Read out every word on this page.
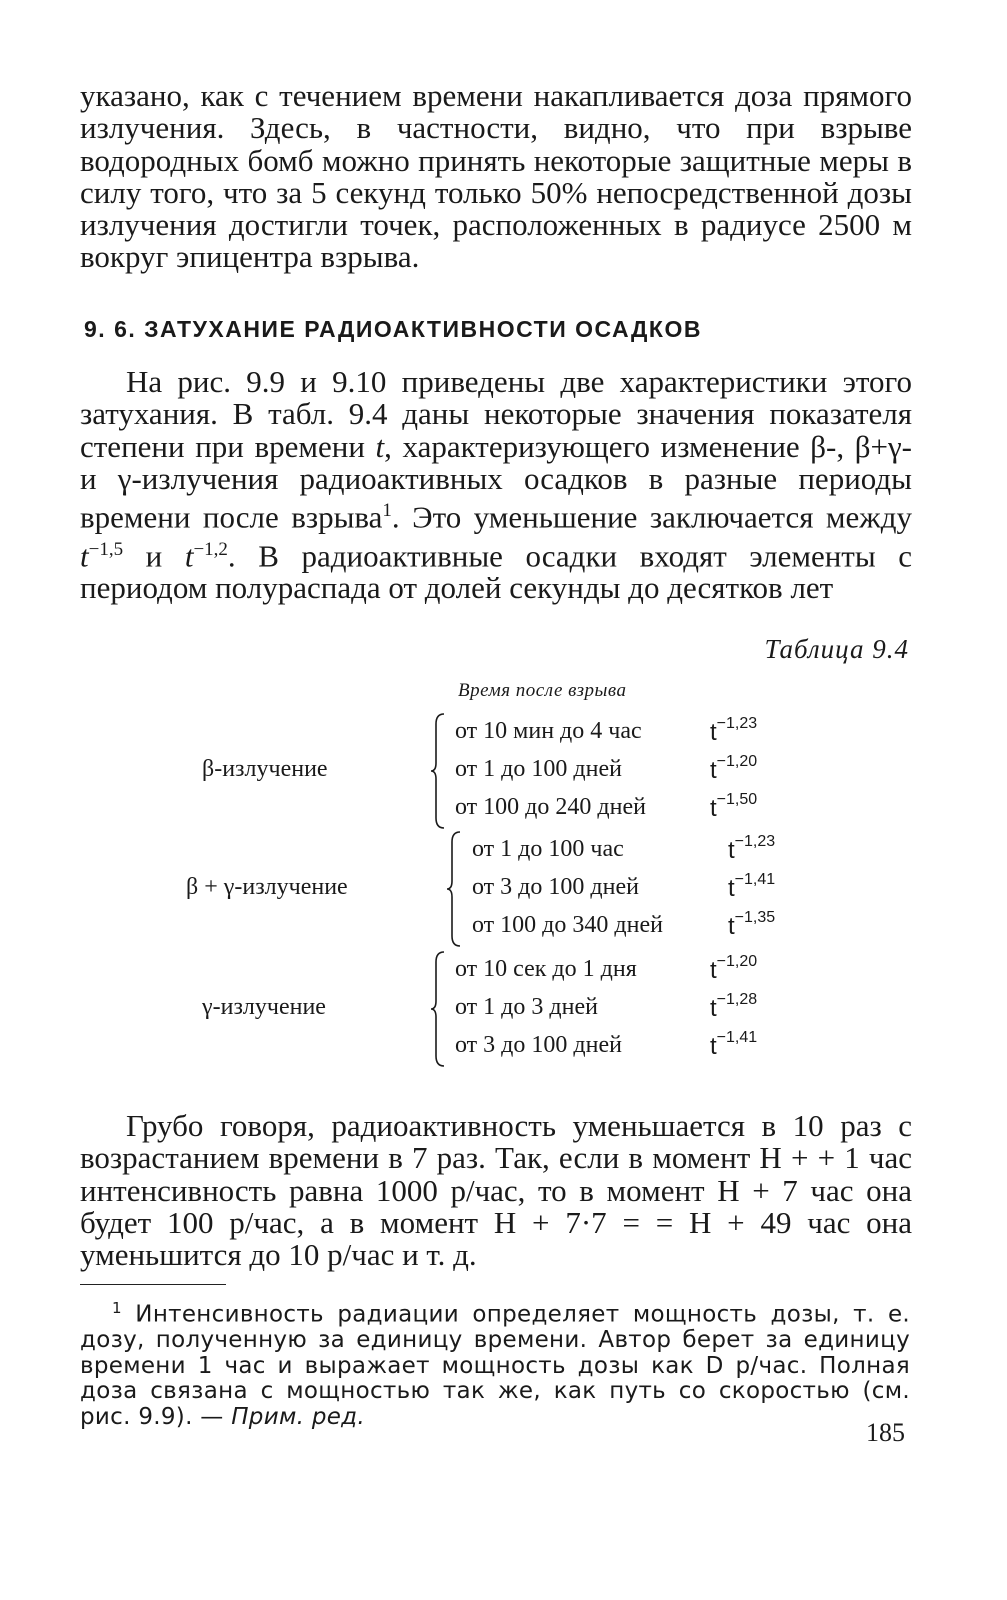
указано, как с течением времени накапливается доза прямого излучения. Здесь, в частности, видно, что при взрыве водородных бомб можно принять некоторые защитные меры в силу того, что за 5 секунд только 50% непосредственной дозы излучения достигли точек, расположенных в радиусе 2500 м вокруг эпицентра взрыва.

9. 6. ЗАТУХАНИЕ РАДИОАКТИВНОСТИ ОСАДКОВ
На рис. 9.9 и 9.10 приведены две характеристики этого затухания. В табл. 9.4 даны некоторые значения показателя степени при времени t, характеризующего изменение β-, β+γ- и γ-излучения радиоактивных осадков в разные периоды времени после взрыва$^1$. Это уменьшение заключается между $t^{-1,5}$ и $t^{-1,2}$. В радиоактивные осадки входят элементы с периодом полураспада от долей секунды до десятков лет
Таблица 9.4
Время после взрыва
β-излучение
от 10 мин до 4 час	$t^{-1,23}$
от 1 до 100 дней	$t^{-1,20}$
от 100 до 240 дней	$t^{-1,50}$
β + γ-излучение
от 1 до 100 час	$t^{-1,23}$
от 3 до 100 дней	$t^{-1,41}$
от 100 до 340 дней	$t^{-1,35}$
γ-излучение
от 10 сек до 1 дня	$t^{-1,20}$
от 1 до 3 дней	$t^{-1,28}$
от 3 до 100 дней	$t^{-1,41}$

Грубо говоря, радиоактивность уменьшается в 10 раз с возрастанием времени в 7 раз. Так, если в момент H + + 1 час интенсивность равна 1000 р/час, то в момент H + 7 час она будет 100 р/час, а в момент H + 7·7 = = H + 49 час она уменьшится до 10 р/час и т. д.

$^1$ Интенсивность радиации определяет мощность дозы, т. е. дозу, полученную за единицу времени. Автор берет за единицу времени 1 час и выражает мощность дозы как D р/час. Полная доза связана с мощностью так же, как путь со скоростью (см. рис. 9.9). — Прим. ред.

185
